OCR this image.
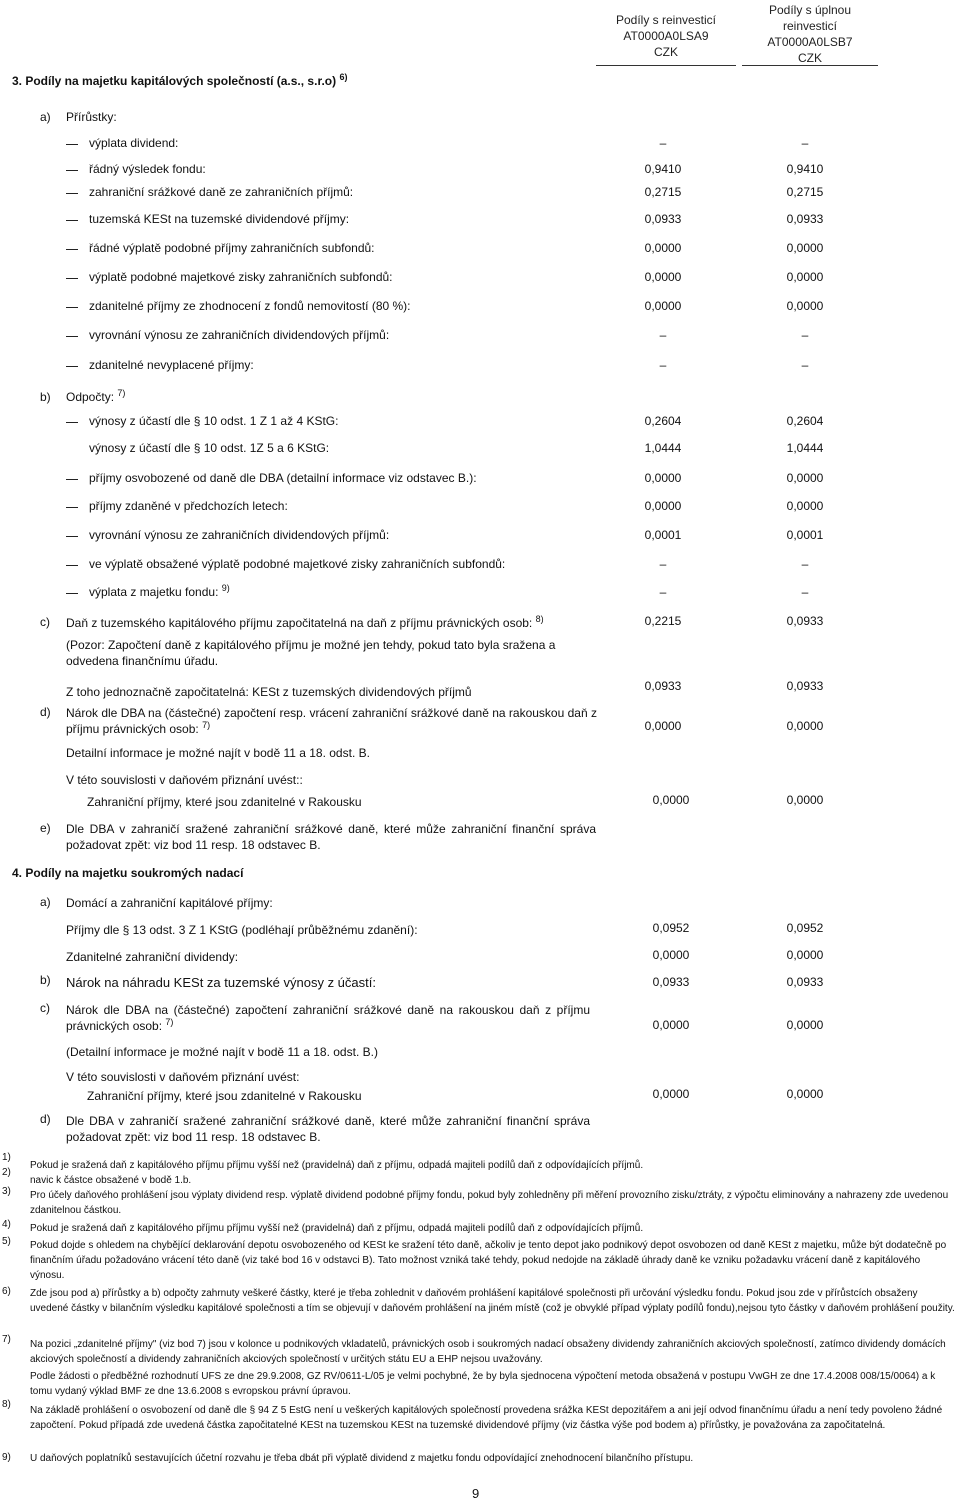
Podíly s reinvesticí
AT0000A0LSA9
CZK
Podíly s úplnou
reinvesticí
AT0000A0LSB7
CZK
3. Podíly na majetku kapitálových společností (a.s., s.r.o) $^{6)}$
a) Přírůstky:
výplata dividend:	–	–
řádný výsledek fondu:	0,9410	0,9410
zahraniční srážkové daně ze zahraničních příjmů:	0,2715	0,2715
tuzemská KESt na tuzemské dividendové příjmy:	0,0933	0,0933
řádné výplatě podobné příjmy zahraničních subfondů:	0,0000	0,0000
výplatě podobné majetkové zisky zahraničních subfondů:	0,0000	0,0000
zdanitelné příjmy ze zhodnocení z fondů nemovitostí (80 %):	0,0000	0,0000
vyrovnání výnosu ze zahraničních dividendových příjmů:	–	–
zdanitelné nevyplacené příjmy:	–	–
b) Odpočty: $^{7)}$
výnosy z účastí dle § 10 odst. 1 Z 1 až 4 KStG:	0,2604	0,2604
výnosy z účastí dle § 10 odst. 1Z 5 a 6 KStG:	1,0444	1,0444
příjmy osvobozené od daně dle DBA (detailní informace viz odstavec B.):	0,0000	0,0000
příjmy zdaněné v předchozích letech:	0,0000	0,0000
vyrovnání výnosu ze zahraničních dividendových příjmů:	0,0001	0,0001
ve výplatě obsažené výplatě podobné majetkové zisky zahraničních subfondů:	–	–
výplata z majetku fondu: $^{9)}$	–	–
c) Daň z tuzemského kapitálového příjmu započitatelná na daň z příjmu právnických osob: $^{8)}$	0,2215	0,0933
(Pozor: Započtení daně z kapitálového příjmu je možné jen tehdy, pokud tato byla sražena a odvedena finančnímu úřadu.
Z toho jednoznačně započitatelná: KESt z tuzemských dividendových příjmů	0,0933	0,0933
d) Nárok dle DBA na (částečné) započtení resp. vrácení zahraniční srážkové daně na rakouskou daň z příjmu právnických osob: $^{7)}$	0,0000	0,0000
Detailní informace je možné najít v bodě 11 a 18. odst. B.
V této souvislosti v daňovém přiznání uvést::
Zahraniční příjmy, které jsou zdanitelné v Rakousku	0,0000	0,0000
e) Dle DBA v zahraničí sražené zahraniční srážkové daně, které může zahraniční finanční správa požadovat zpět: viz bod 11 resp. 18 odstavec B.
4. Podíly na majetku soukromých nadací
a) Domácí a zahraniční kapitálové příjmy:
Příjmy dle § 13 odst. 3 Z 1 KStG (podléhají průběžnému zdanění):	0,0952	0,0952
Zdanitelné zahraniční dividendy:	0,0000	0,0000
b) Nárok na náhradu KESt za tuzemské výnosy z účastí:	0,0933	0,0933
c) Nárok dle DBA na (částečné) započtení zahraniční srážkové daně na rakouskou daň z příjmu právnických osob: $^{7)}$	0,0000	0,0000
(Detailní informace je možné najít v bodě 11 a 18. odst. B.)
V této souvislosti v daňovém přiznání uvést:
Zahraniční příjmy, které jsou zdanitelné v Rakousku	0,0000	0,0000
d) Dle DBA v zahraničí sražené zahraniční srážkové daně, které může zahraniční finanční správa požadovat zpět: viz bod 11 resp. 18 odstavec B.
1)
2)
3)
4)
5)
6)
7)
8)
9)
Pokud je sražená daň z kapitálového příjmu příjmu vyšší než (pravidelná) daň z příjmu, odpadá majiteli podílů daň z odpovídajících příjmů.
navic k částce obsažené v bodě 1.b.
Pro účely daňového prohlášení jsou výplaty dividend resp. výplatě dividend podobné příjmy fondu, pokud byly zohledněny při měření provozního zisku/ztráty, z výpočtu eliminovány a nahrazeny zde uvedenou zdanitelnou částkou.
Pokud je sražená daň z kapitálového příjmu příjmu vyšší než (pravidelná) daň z příjmu, odpadá majiteli podílů daň z odpovídajících příjmů.
Pokud dojde s ohledem na chybějící deklarování depotu osvobozeného od KESt ke sražení této daně, ačkoliv je tento depot jako podnikový depot osvobozen od daně KESt z majetku, může být dodatečně po finančním úřadu požadováno vrácení této daně (viz také bod 16 v odstavci B). Tato možnost vzniká také tehdy, pokud nedojde na základě úhrady daně ke vzniku požadavku vrácení daně z kapitálového výnosu.
Zde jsou pod a) přírůstky a b) odpočty zahrnuty veškeré částky, které je třeba zohlednit v daňovém prohlášení kapitálové společnosti při určování výsledku fondu. Pokud jsou zde v přírůstcích obsaženy uvedené částky v bilančním výsledku kapitálové společnosti a tím se objevují v daňovém prohlášení na jiném místě (což je obvyklé případ výplaty podílů fondu),nejsou tyto částky v daňovém prohlášení použity.
Na pozici „zdanitelné příjmy" (viz bod 7) jsou v kolonce u podnikových vkladatelů, právnických osob i soukromých nadací obsaženy dividendy zahraničních akciových společností, zatímco dividendy domácích akciových společností a dividendy zahraničních akciových společností v určitých státu EU a EHP nejsou uvažovány.
Podle žádosti o předběžné rozhodnutí UFS ze dne 29.9.2008, GZ RV/0611-L/05 je velmi pochybné, že by byla sjednocena výpočtení metoda obsažená v postupu VwGH ze dne 17.4.2008 008/15/0064) a k tomu vydaný výklad BMF ze dne 13.6.2008 s evropskou právní úpravou.
Na základě prohlášení o osvobození od daně dle § 94 Z 5 EstG není u veškerých kapitálových společností provedena srážka KESt depozitářem a ani její odvod finančnímu úřadu a není tedy povoleno žádné započtení. Pokud případá zde uvedená částka započitatelné KESt na tuzemskou KESt na tuzemské dividendové příjmy (viz částka výše pod bodem a) přírůstky, je považována za započitatelná.
U daňových poplatníků sestavujících účetní rozvahu je třeba dbát při výplatě dividend z majetku fondu odpovídající znehodnocení bilančního přístupu.
9
